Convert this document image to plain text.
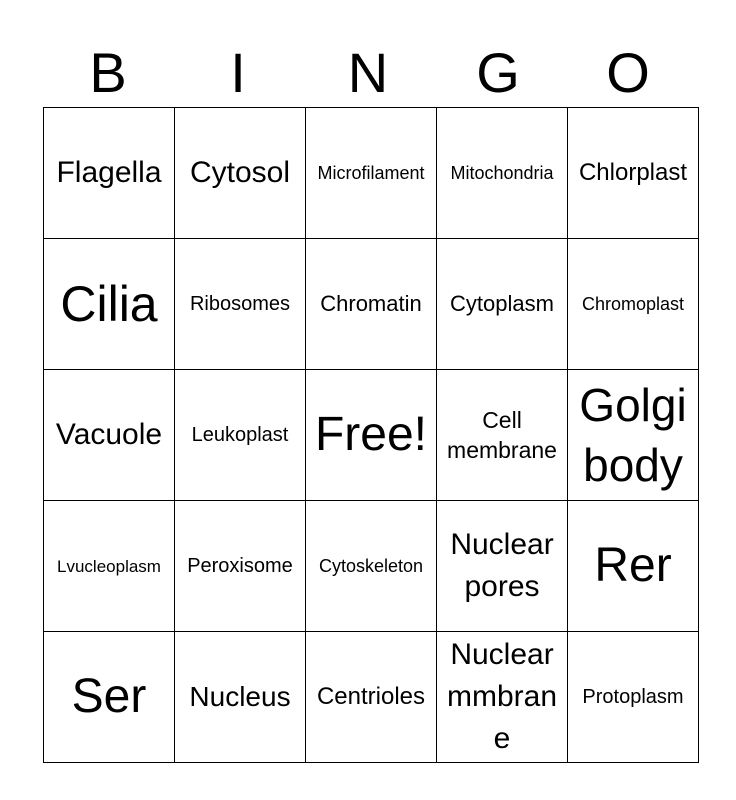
B	I	N	G	O
Flagella	Cytosol	Microfilament	Mitochondria	Chlorplast

Cilia	Ribosomes	Chromatin	Cytoplasm	Chromoplast

Vacuole	Leukoplast	Free!	Cell membrane	Golgi body

Lvucleoplasm	Peroxisome	Cytoskeleton	Nuclear pores	Rer

Ser	Nucleus	Centrioles	Nuclear mmbrane	Protoplasm
